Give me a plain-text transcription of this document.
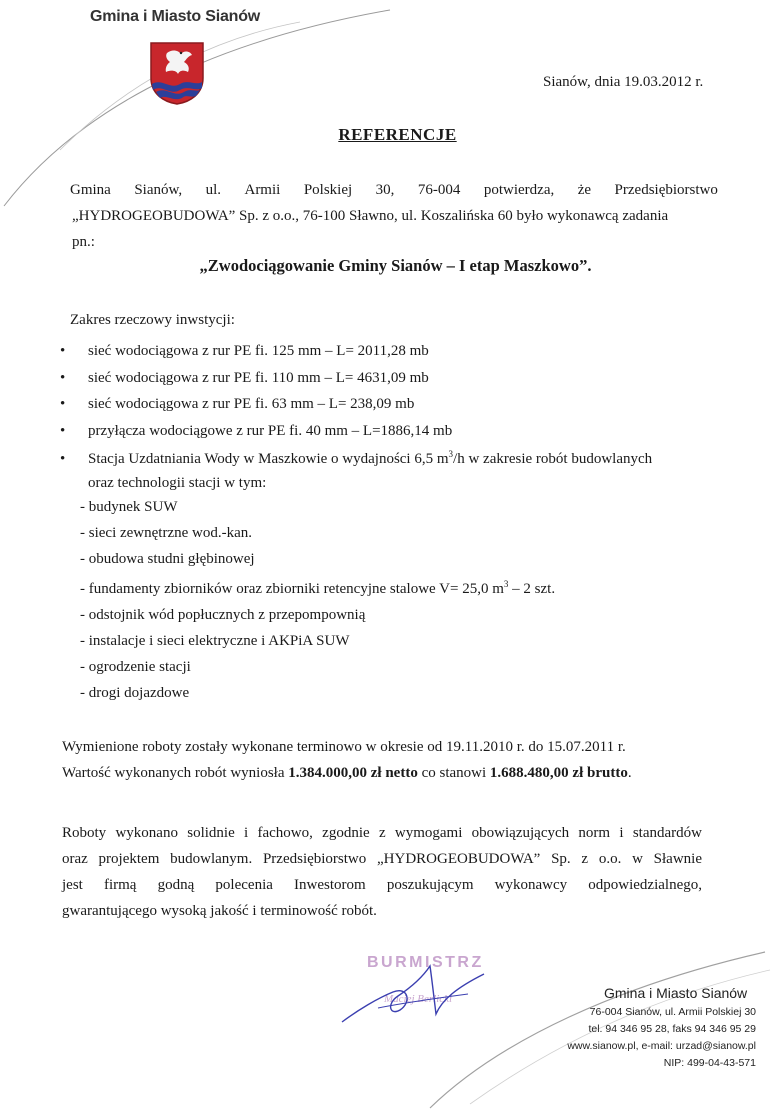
Gmina i Miasto Sianów
Sianów, dnia 19.03.2012 r.
REFERENCJE
Gmina Sianów, ul. Armii Polskiej 30, 76-004 potwierdza, że Przedsiębiorstwo
„HYDROGEOBUDOWA” Sp. z o.o., 76-100 Sławno, ul. Koszalińska 60 było wykonawcą zadania
pn.:
„Zwodociągowanie Gminy Sianów – I etap Maszkowo”.
Zakres rzeczowy inwstycji:
• sieć wodociągowa z rur PE fi. 125 mm – L= 2011,28 mb
• sieć wodociągowa z rur PE fi. 110 mm – L= 4631,09 mb
• sieć wodociągowa z rur PE fi. 63 mm – L= 238,09 mb
• przyłącza wodociągowe z rur PE fi. 40 mm – L=1886,14 mb
• Stacja Uzdatniania Wody w Maszkowie o wydajności 6,5 $m^3/h$ w zakresie robót budowlanych
oraz technologii stacji w tym:
- budynek SUW
- sieci zewnętrzne wod.-kan.
- obudowa studni głębinowej
- fundamenty zbiorników oraz zbiorniki retencyjne stalowe V= 25,0 $m^3 - 2$ szt.
- odstojnik wód popłucznych z przepompownią
- instalacje i sieci elektryczne i AKPiA SUW
- ogrodzenie stacji
- drogi dojazdowe
Wymienione roboty zostały wykonane terminowo w okresie od 19.11.2010 r. do 15.07.2011 r.
Wartość wykonanych robót wyniosła 1.384.000,00 zł netto co stanowi 1.688.480,00 zł brutto.
Roboty wykonano solidnie i fachowo, zgodnie z wymogami obowiązujących norm i standardów
oraz projektem budowlanym. Przedsiębiorstwo „HYDROGEOBUDOWA” Sp. z o.o. w Sławnie
jest firmą godną polecenia Inwestorom poszukującym wykonawcy odpowiedzialnego,
gwarantującego wysoką jakość i terminowość robót.
BURMISTRZ
Maciej Berlicki	Gmina i Miasto Sianów
76-004 Sianów, ul. Armii Polskiej 30
tel. 94 346 95 28, faks 94 346 95 29
www.sianow.pl, e-mail: urzad@sianow.pl
NIP: 499-04-43-571
